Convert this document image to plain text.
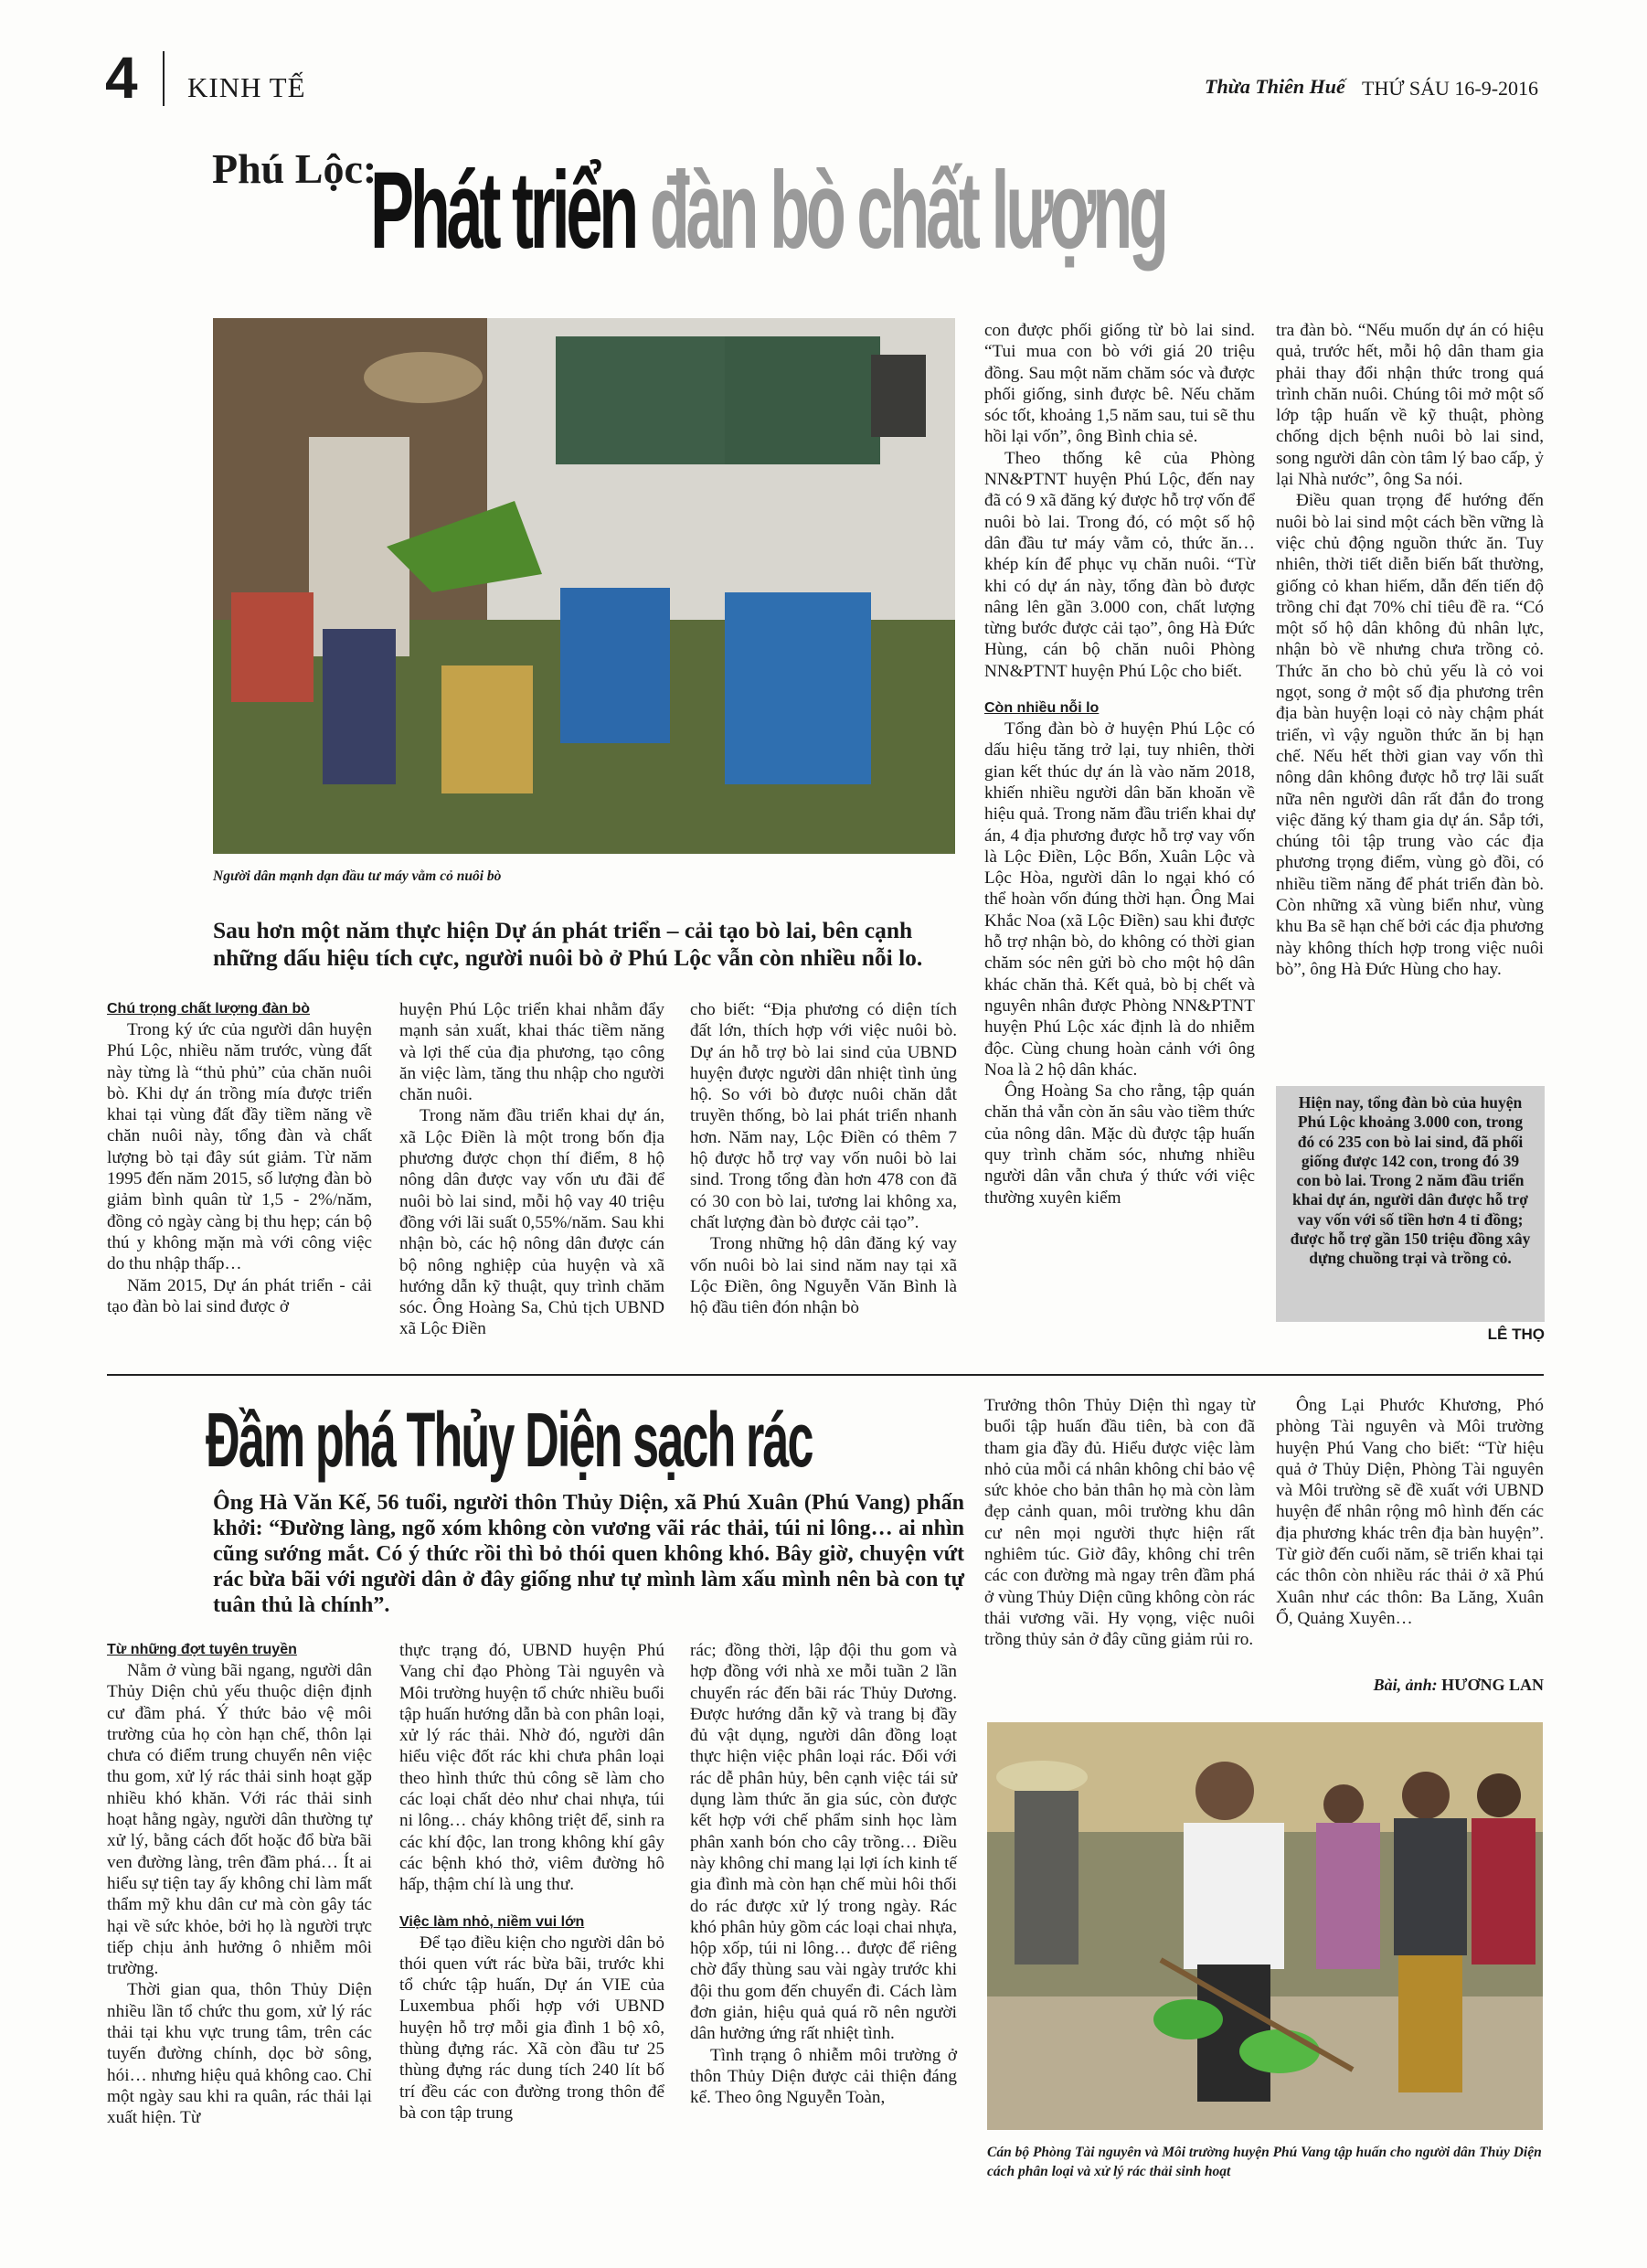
4 KINH TẾ	Thừa Thiên Huế THỨ SÁU 16-9-2016
Phú Lộc:
Phát triển đàn bò chất lượng
Người dân mạnh dạn đầu tư máy vằm cỏ nuôi bò
Sau hơn một năm thực hiện Dự án phát triển – cải tạo bò lai, bên cạnh những dấu hiệu tích cực, người nuôi bò ở Phú Lộc vẫn còn nhiều nỗi lo.

Chú trọng chất lượng đàn bò

Trong ký ức của người dân huyện Phú Lộc, nhiều năm trước, vùng đất này từng là “thủ phủ” của chăn nuôi bò. Khi dự án trồng mía được triển khai tại vùng đất đầy tiềm năng về chăn nuôi này, tổng đàn và chất lượng bò tại đây sút giảm. Từ năm 1995 đến năm 2015, số lượng đàn bò giảm bình quân từ 1,5 - 2%/năm, đồng cỏ ngày càng bị thu hẹp; cán bộ thú y không mặn mà với công việc do thu nhập thấp…

Năm 2015, Dự án phát triển - cải tạo đàn bò lai sind được ở

huyện Phú Lộc triển khai nhằm đẩy mạnh sản xuất, khai thác tiềm năng và lợi thế của địa phương, tạo công ăn việc làm, tăng thu nhập cho người chăn nuôi.

Trong năm đầu triển khai dự án, xã Lộc Điền là một trong bốn địa phương được chọn thí điểm, 8 hộ nông dân được vay vốn ưu đãi để nuôi bò lai sind, mỗi hộ vay 40 triệu đồng với lãi suất 0,55%/năm. Sau khi nhận bò, các hộ nông dân được cán bộ nông nghiệp của huyện và xã hướng dẫn kỹ thuật, quy trình chăm sóc. Ông Hoàng Sa, Chủ tịch UBND xã Lộc Điền

cho biết: “Địa phương có diện tích đất lớn, thích hợp với việc nuôi bò. Dự án hỗ trợ bò lai sind của UBND huyện được người dân nhiệt tình ủng hộ. So với bò được nuôi chăn dắt truyền thống, bò lai phát triển nhanh hơn. Năm nay, Lộc Điền có thêm 7 hộ được hỗ trợ vay vốn nuôi bò lai sind. Trong tổng đàn hơn 478 con đã có 30 con bò lai, tương lai không xa, chất lượng đàn bò được cải tạo”.

Trong những hộ dân đăng ký vay vốn nuôi bò lai sind năm nay tại xã Lộc Điền, ông Nguyễn Văn Bình là hộ đầu tiên đón nhận bò

con được phối giống từ bò lai sind. “Tui mua con bò với giá 20 triệu đồng. Sau một năm chăm sóc và được phối giống, sinh được bê. Nếu chăm sóc tốt, khoảng 1,5 năm sau, tui sẽ thu hồi lại vốn”, ông Bình chia sẻ.

Theo thống kê của Phòng NN&PTNT huyện Phú Lộc, đến nay đã có 9 xã đăng ký được hỗ trợ vốn để nuôi bò lai. Trong đó, có một số hộ dân đầu tư máy vằm cỏ, thức ăn… khép kín để phục vụ chăn nuôi. “Từ khi có dự án này, tổng đàn bò được nâng lên gần 3.000 con, chất lượng từng bước được cải tạo”, ông Hà Đức Hùng, cán bộ chăn nuôi Phòng NN&PTNT huyện Phú Lộc cho biết.

Còn nhiều nỗi lo

Tổng đàn bò ở huyện Phú Lộc có dấu hiệu tăng trở lại, tuy nhiên, thời gian kết thúc dự án là vào năm 2018, khiến nhiều người dân băn khoăn về hiệu quả. Trong năm đầu triển khai dự án, 4 địa phương được hỗ trợ vay vốn là Lộc Điền, Lộc Bổn, Xuân Lộc và Lộc Hòa, người dân lo ngại khó có thể hoàn vốn đúng thời hạn. Ông Mai Khắc Noa (xã Lộc Điền) sau khi được hỗ trợ nhận bò, do không có thời gian chăm sóc nên gửi bò cho một hộ dân khác chăn thả. Kết quả, bò bị chết và nguyên nhân được Phòng NN&PTNT huyện Phú Lộc xác định là do nhiễm độc. Cùng chung hoàn cảnh với ông Noa là 2 hộ dân khác.

Ông Hoàng Sa cho rằng, tập quán chăn thả vẫn còn ăn sâu vào tiềm thức của nông dân. Mặc dù được tập huấn quy trình chăm sóc, nhưng nhiều người dân vẫn chưa ý thức với việc thường xuyên kiểm

tra đàn bò. “Nếu muốn dự án có hiệu quả, trước hết, mỗi hộ dân tham gia phải thay đổi nhận thức trong quá trình chăn nuôi. Chúng tôi mở một số lớp tập huấn về kỹ thuật, phòng chống dịch bệnh nuôi bò lai sind, song người dân còn tâm lý bao cấp, ỷ lại Nhà nước”, ông Sa nói.

Điều quan trọng để hướng đến nuôi bò lai sind một cách bền vững là việc chủ động nguồn thức ăn. Tuy nhiên, thời tiết diễn biến bất thường, giống cỏ khan hiếm, dẫn đến tiến độ trồng chỉ đạt 70% chỉ tiêu đề ra. “Có một số hộ dân không đủ nhân lực, nhận bò về nhưng chưa trồng cỏ. Thức ăn cho bò chủ yếu là cỏ voi ngọt, song ở một số địa phương trên địa bàn huyện loại cỏ này chậm phát triển, vì vậy nguồn thức ăn bị hạn chế. Nếu hết thời gian vay vốn thì nông dân không được hỗ trợ lãi suất nữa nên người dân rất đắn đo trong việc đăng ký tham gia dự án. Sắp tới, chúng tôi tập trung vào các địa phương trọng điểm, vùng gò đồi, có nhiều tiềm năng để phát triển đàn bò. Còn những xã vùng biển như, vùng khu Ba sẽ hạn chế bởi các địa phương này không thích hợp trong việc nuôi bò”, ông Hà Đức Hùng cho hay.

Hiện nay, tổng đàn bò của huyện Phú Lộc khoảng 3.000 con, trong đó có 235 con bò lai sind, đã phối giống được 142 con, trong đó 39 con bò lai. Trong 2 năm đầu triển khai dự án, người dân được hỗ trợ vay vốn với số tiền hơn 4 tỉ đồng; được hỗ trợ gần 150 triệu đồng xây dựng chuồng trại và trồng cỏ.
LÊ THỌ
Đầm phá Thủy Diện sạch rác
Ông Hà Văn Kế, 56 tuổi, người thôn Thủy Diện, xã Phú Xuân (Phú Vang) phấn khởi: “Đường làng, ngõ xóm không còn vương vãi rác thải, túi ni lông… ai nhìn cũng sướng mắt. Có ý thức rồi thì bỏ thói quen không khó. Bây giờ, chuyện vứt rác bừa bãi với người dân ở đây giống như tự mình làm xấu mình nên bà con tự tuân thủ là chính”.

Từ những đợt tuyên truyền

Nằm ở vùng bãi ngang, người dân Thủy Diện chủ yếu thuộc diện định cư đầm phá. Ý thức bảo vệ môi trường của họ còn hạn chế, thôn lại chưa có điểm trung chuyển nên việc thu gom, xử lý rác thải sinh hoạt gặp nhiều khó khăn. Với rác thải sinh hoạt hằng ngày, người dân thường tự xử lý, bằng cách đốt hoặc đổ bừa bãi ven đường làng, trên đầm phá… Ít ai hiểu sự tiện tay ấy không chỉ làm mất thẩm mỹ khu dân cư mà còn gây tác hại về sức khỏe, bởi họ là người trực tiếp chịu ảnh hưởng ô nhiễm môi trường.

Thời gian qua, thôn Thủy Diện nhiều lần tổ chức thu gom, xử lý rác thải tại khu vực trung tâm, trên các tuyến đường chính, dọc bờ sông, hói… nhưng hiệu quả không cao. Chỉ một ngày sau khi ra quân, rác thải lại xuất hiện. Từ

thực trạng đó, UBND huyện Phú Vang chỉ đạo Phòng Tài nguyên và Môi trường huyện tổ chức nhiều buổi tập huấn hướng dẫn bà con phân loại, xử lý rác thải. Nhờ đó, người dân hiểu việc đốt rác khi chưa phân loại theo hình thức thủ công sẽ làm cho các loại chất dẻo như chai nhựa, túi ni lông… cháy không triệt để, sinh ra các khí độc, lan trong không khí gây các bệnh khó thở, viêm đường hô hấp, thậm chí là ung thư.

Việc làm nhỏ, niềm vui lớn

Để tạo điều kiện cho người dân bỏ thói quen vứt rác bừa bãi, trước khi tổ chức tập huấn, Dự án VIE của Luxembua phối hợp với UBND huyện hỗ trợ mỗi gia đình 1 bộ xô, thùng đựng rác. Xã còn đầu tư 25 thùng đựng rác dung tích 240 lít bố trí đều các con đường trong thôn để bà con tập trung

rác; đồng thời, lập đội thu gom và hợp đồng với nhà xe mỗi tuần 2 lần chuyển rác đến bãi rác Thủy Dương. Được hướng dẫn kỹ và trang bị đầy đủ vật dụng, người dân đồng loạt thực hiện việc phân loại rác. Đối với rác dễ phân hủy, bên cạnh việc tái sử dụng làm thức ăn gia súc, còn được kết hợp với chế phẩm sinh học làm phân xanh bón cho cây trồng… Điều này không chỉ mang lại lợi ích kinh tế gia đình mà còn hạn chế mùi hôi thối do rác được xử lý trong ngày. Rác khó phân hủy gồm các loại chai nhựa, hộp xốp, túi ni lông… được để riêng chờ đẩy thùng sau vài ngày trước khi đội thu gom đến chuyển đi. Cách làm đơn giản, hiệu quả quá rõ nên người dân hưởng ứng rất nhiệt tình.

Tình trạng ô nhiễm môi trường ở thôn Thủy Diện được cải thiện đáng kể. Theo ông Nguyễn Toàn,

Trưởng thôn Thủy Diện thì ngay từ buổi tập huấn đầu tiên, bà con đã tham gia đầy đủ. Hiểu được việc làm nhỏ của mỗi cá nhân không chỉ bảo vệ sức khỏe cho bản thân họ mà còn làm đẹp cảnh quan, môi trường khu dân cư nên mọi người thực hiện rất nghiêm túc. Giờ đây, không chỉ trên các con đường mà ngay trên đầm phá ở vùng Thủy Diện cũng không còn rác thải vương vãi. Hy vọng, việc nuôi trồng thủy sản ở đây cũng giảm rủi ro.

Ông Lại Phước Khương, Phó phòng Tài nguyên và Môi trường huyện Phú Vang cho biết: “Từ hiệu quả ở Thủy Diện, Phòng Tài nguyên và Môi trường sẽ đề xuất với UBND huyện để nhân rộng mô hình đến các địa phương khác trên địa bàn huyện”. Từ giờ đến cuối năm, sẽ triển khai tại các thôn còn nhiều rác thải ở xã Phú Xuân như các thôn: Ba Lăng, Xuân Ổ, Quảng Xuyên…

Bài, ảnh: HƯƠNG LAN
Cán bộ Phòng Tài nguyên và Môi trường huyện Phú Vang tập huấn cho người dân Thủy Diện cách phân loại và xử lý rác thải sinh hoạt
